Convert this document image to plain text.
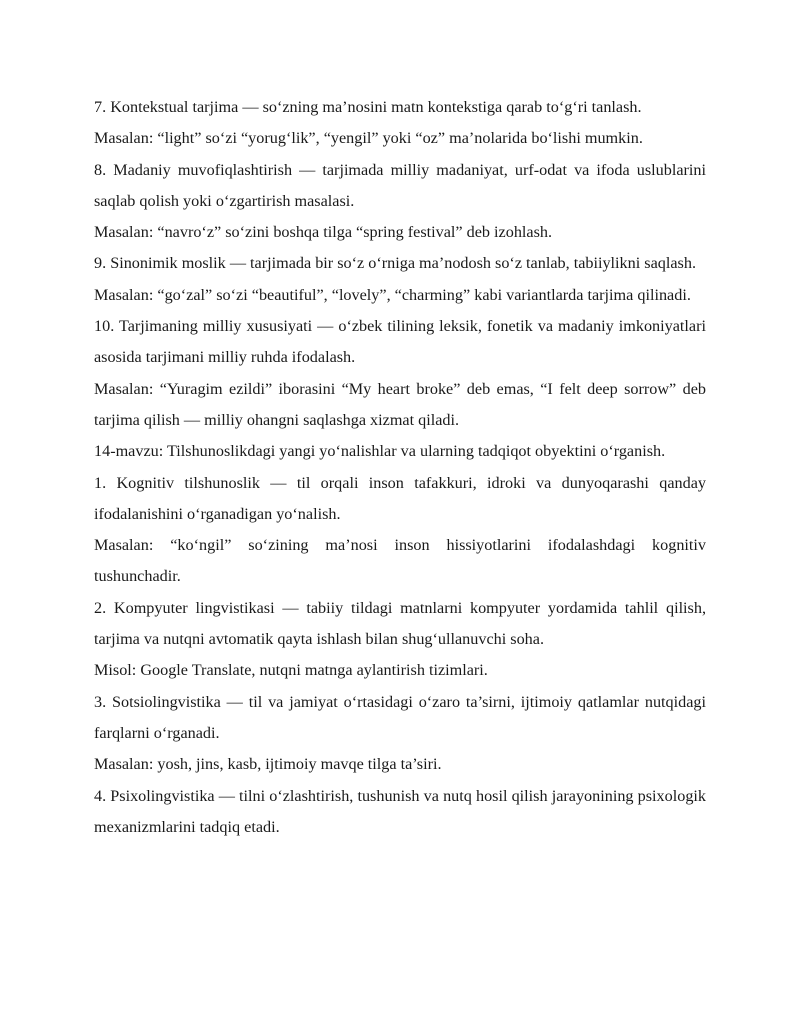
7. Kontekstual tarjima — so‘zning ma’nosini matn kontekstiga qarab to‘g‘ri tanlash.

Masalan: “light” so‘zi “yorug‘lik”, “yengil” yoki “oz” ma’nolarida bo‘lishi mumkin.

8. Madaniy muvofiqlashtirish — tarjimada milliy madaniyat, urf-odat va ifoda uslublarini saqlab qolish yoki o‘zgartirish masalasi.

Masalan: “navro‘z” so‘zini boshqa tilga “spring festival” deb izohlash.

9. Sinonimik moslik — tarjimada bir so‘z o‘rniga ma’nodosh so‘z tanlab, tabiiylikni saqlash.

Masalan: “go‘zal” so‘zi “beautiful”, “lovely”, “charming” kabi variantlarda tarjima qilinadi.

10. Tarjimaning milliy xususiyati — o‘zbek tilining leksik, fonetik va madaniy imkoniyatlari asosida tarjimani milliy ruhda ifodalash.

Masalan: “Yuragim ezildi” iborasini “My heart broke” deb emas, “I felt deep sorrow” deb tarjima qilish — milliy ohangni saqlashga xizmat qiladi.

14-mavzu: Tilshunoslikdagi yangi yo‘nalishlar va ularning tadqiqot obyektini o‘rganish.

1. Kognitiv tilshunoslik — til orqali inson tafakkuri, idroki va dunyoqarashi qanday ifodalanishini o‘rganadigan yo‘nalish.

Masalan: “ko‘ngil” so‘zining ma’nosi inson hissiyotlarini ifodalashdagi kognitiv tushunchadir.

2. Kompyuter lingvistikasi — tabiiy tildagi matnlarni kompyuter yordamida tahlil qilish, tarjima va nutqni avtomatik qayta ishlash bilan shug‘ullanuvchi soha.

Misol: Google Translate, nutqni matnga aylantirish tizimlari.

3. Sotsiolingvistika — til va jamiyat o‘rtasidagi o‘zaro ta’sirni, ijtimoiy qatlamlar nutqidagi farqlarni o‘rganadi.

Masalan: yosh, jins, kasb, ijtimoiy mavqe tilga ta’siri.

4. Psixolingvistika — tilni o‘zlashtirish, tushunish va nutq hosil qilish jarayonining psixologik mexanizmlarini tadqiq etadi.
